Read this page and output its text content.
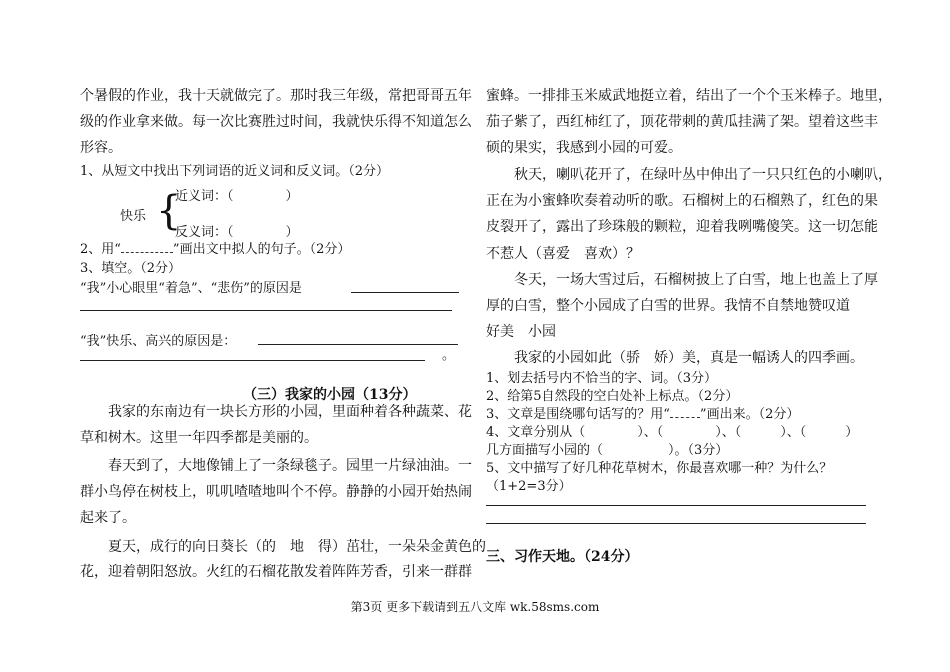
个暑假的作业，我十天就做完了。那时我三年级，常把哥哥五年
级的作业拿来做。每一次比赛胜过时间，我就快乐得不知道怎么
形容。
1、从短文中找出下列词语的近义词和反义词。（2分）
近义词：（　　　　）
快乐 {
反义词：（　　　　）
2、用“	”画出文中拟人的句子。（2分）
3、填空。（2分）
“我”小心眼里“着急”、“悲伤”的原因是
“我”快乐、高兴的原因是：
。
（三）我家的小园（13分）
我家的东南边有一块长方形的小园，里面种着各种蔬菜、花
草和树木。这里一年四季都是美丽的。
春天到了，大地像铺上了一条绿毯子。园里一片绿油油。一
群小鸟停在树枝上，叽叽喳喳地叫个不停。静静的小园开始热闹
起来了。
夏天，成行的向日葵长（的　地　得）茁壮，一朵朵金黄色的
花，迎着朝阳怒放。火红的石榴花散发着阵阵芳香，引来一群群
蜜蜂。一排排玉米威武地挺立着，结出了一个个玉米棒子。地里，
茄子紫了，西红柿红了，顶花带刺的黄瓜挂满了架。望着这些丰
硕的果实，我感到小园的可爱。
秋天，喇叭花开了，在绿叶丛中伸出了一只只红色的小喇叭，
正在为小蜜蜂吹奏着动听的歌。石榴树上的石榴熟了，红色的果
皮裂开了，露出了珍珠般的颗粒，迎着我咧嘴傻笑。这一切怎能
不惹人（喜爱　喜欢）？
冬天，一场大雪过后，石榴树披上了白雪，地上也盖上了厚
厚的白雪，整个小园成了白雪的世界。我情不自禁地赞叹道
好美　小园
我家的小园如此（骄　娇）美，真是一幅诱人的四季画。
1、划去括号内不恰当的字、词。（3分）
2、给第5自然段的空白处补上标点。（2分）
3、文章是围绕哪句话写的？用“ ”画出来。（2分）
4、文章分别从（　　　　）、（　　　　）、（　　　）、（　　　）
几方面描写小园的（　　　　　）。（3分）
5、文中描写了好几种花草树木，你最喜欢哪一种？为什么？
（1+2=3分）
三、习作天地。（24分）
第3页 更多下载请到五八文库 wk.58sms.com
